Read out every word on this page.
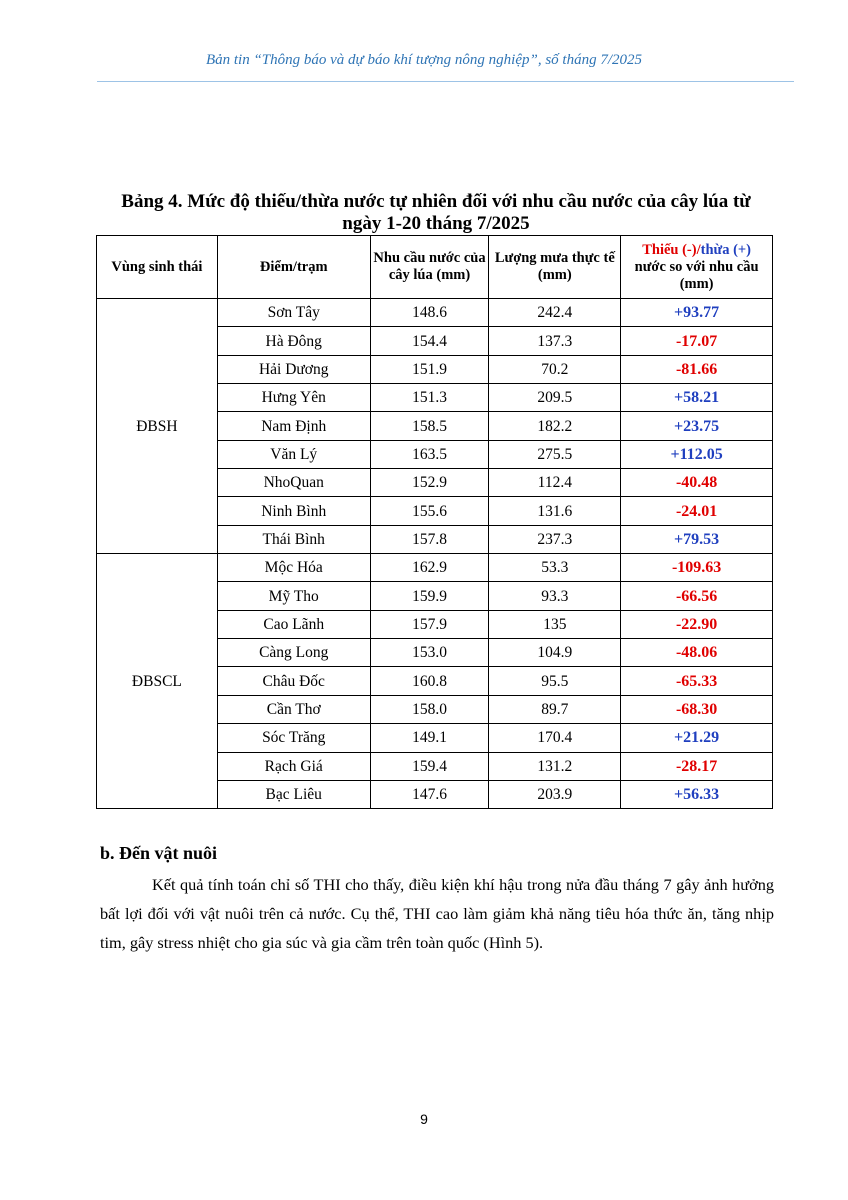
Bản tin “Thông báo và dự báo khí tượng nông nghiệp”, số tháng 7/2025
Bảng 4. Mức độ thiếu/thừa nước tự nhiên đối với nhu cầu nước của cây lúa từ ngày 1-20 tháng 7/2025
Vùng sinh thái	Điểm/trạm	Nhu cầu nước của cây lúa (mm)	Lượng mưa thực tế (mm)	Thiếu (-)/thừa (+)
nước so với nhu cầu (mm)
ĐBSH	Sơn Tây	148.6	242.4	+93.77
	Hà Đông	154.4	137.3	-17.07
	Hải Dương	151.9	70.2	-81.66
	Hưng Yên	151.3	209.5	+58.21
	Nam Định	158.5	182.2	+23.75
	Văn Lý	163.5	275.5	+112.05
	NhoQuan	152.9	112.4	-40.48
	Ninh Bình	155.6	131.6	-24.01
	Thái Bình	157.8	237.3	+79.53
ĐBSCL	Mộc Hóa	162.9	53.3	-109.63
	Mỹ Tho	159.9	93.3	-66.56
	Cao Lãnh	157.9	135	-22.90
	Càng Long	153.0	104.9	-48.06
	Châu Đốc	160.8	95.5	-65.33
	Cần Thơ	158.0	89.7	-68.30
	Sóc Trăng	149.1	170.4	+21.29
	Rạch Giá	159.4	131.2	-28.17
	Bạc Liêu	147.6	203.9	+56.33
b. Đến vật nuôi
Kết quả tính toán chỉ số THI cho thấy, điều kiện khí hậu trong nửa đầu tháng 7 gây ảnh hưởng bất lợi đối với vật nuôi trên cả nước. Cụ thể, THI cao làm giảm khả năng tiêu hóa thức ăn, tăng nhịp tim, gây stress nhiệt cho gia súc và gia cầm trên toàn quốc (Hình 5).
9
